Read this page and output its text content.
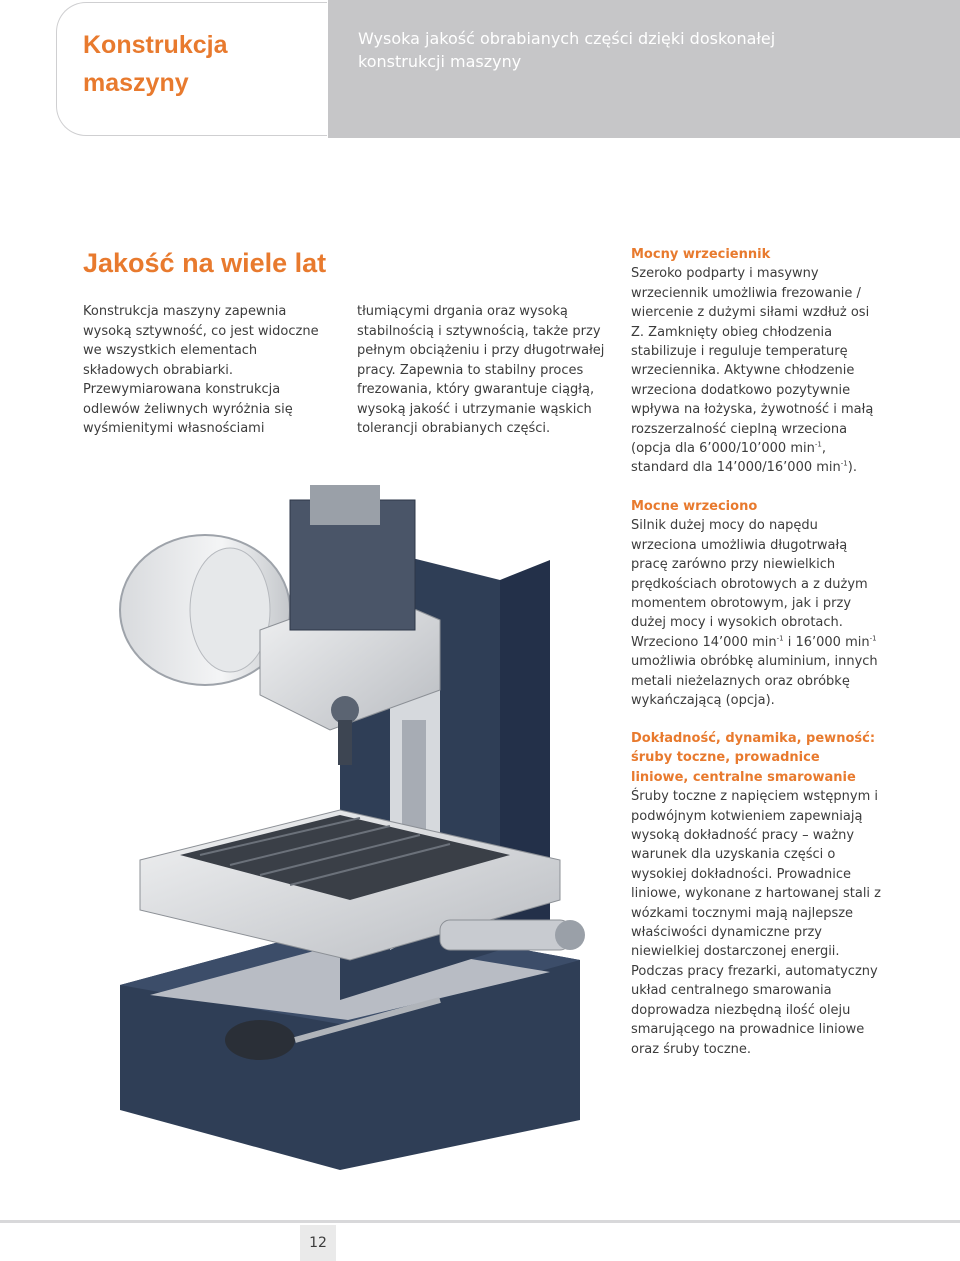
Konstrukcja maszyny

Wysoka jakość obrabianych części dzięki doskonałej konstrukcji maszyny

Jakość na wiele lat

Konstrukcja maszyny zapewnia wysoką sztywność, co jest widoczne we wszystkich elementach składowych obrabiarki. Przewymiarowana konstrukcja odlewów żeliwnych wyróżnia się wyśmienitymi własnościami

tłumiącymi drgania oraz wysoką stabilnością i sztywnością, także przy pełnym obciążeniu i przy długotrwałej pracy. Zapewnia to stabilny proces frezowania, który gwarantuje ciągłą, wysoką jakość i utrzymanie wąskich tolerancji obrabianych części.

Mocny wrzeciennik
Szeroko podparty i masywny wrzeciennik umożliwia frezowanie / wiercenie z dużymi siłami wzdłuż osi Z. Zamknięty obieg chłodzenia stabilizuje i reguluje temperaturę wrzeciennika. Aktywne chłodzenie wrzeciona dodatkowo pozytywnie wpływa na łożyska, żywotność i małą rozszerzalność cieplną wrzeciona (opcja dla 6’000/10’000 $\min^{-1}$, standard dla 14’000/16’000 $\min^{-1}$).

Mocne wrzeciono
Silnik dużej mocy do napędu wrzeciona umożliwia długotrwałą pracę zarówno przy niewielkich prędkościach obrotowych a z dużym momentem obrotowym, jak i przy dużej mocy i wysokich obrotach. Wrzeciono 14’000 $\min^{-1} i$ 16’000 $\min^{-1}$ umożliwia obróbkę aluminium, innych metali nieżelaznych oraz obróbkę wykańczającą (opcja).

Dokładność, dynamika, pewność: śruby toczne, prowadnice liniowe, centralne smarowanie
Śruby toczne z napięciem wstępnym i podwójnym kotwieniem zapewniają wysoką dokładność pracy – ważny warunek dla uzyskania części o wysokiej dokładności. Prowadnice liniowe, wykonane z hartowanej stali z wózkami tocznymi mają najlepsze właściwości dynamiczne przy niewielkiej dostarczonej energii. Podczas pracy frezarki, automatyczny układ centralnego smarowania doprowadza niezbędną ilość oleju smarującego na prowadnice liniowe oraz śruby toczne.

12
